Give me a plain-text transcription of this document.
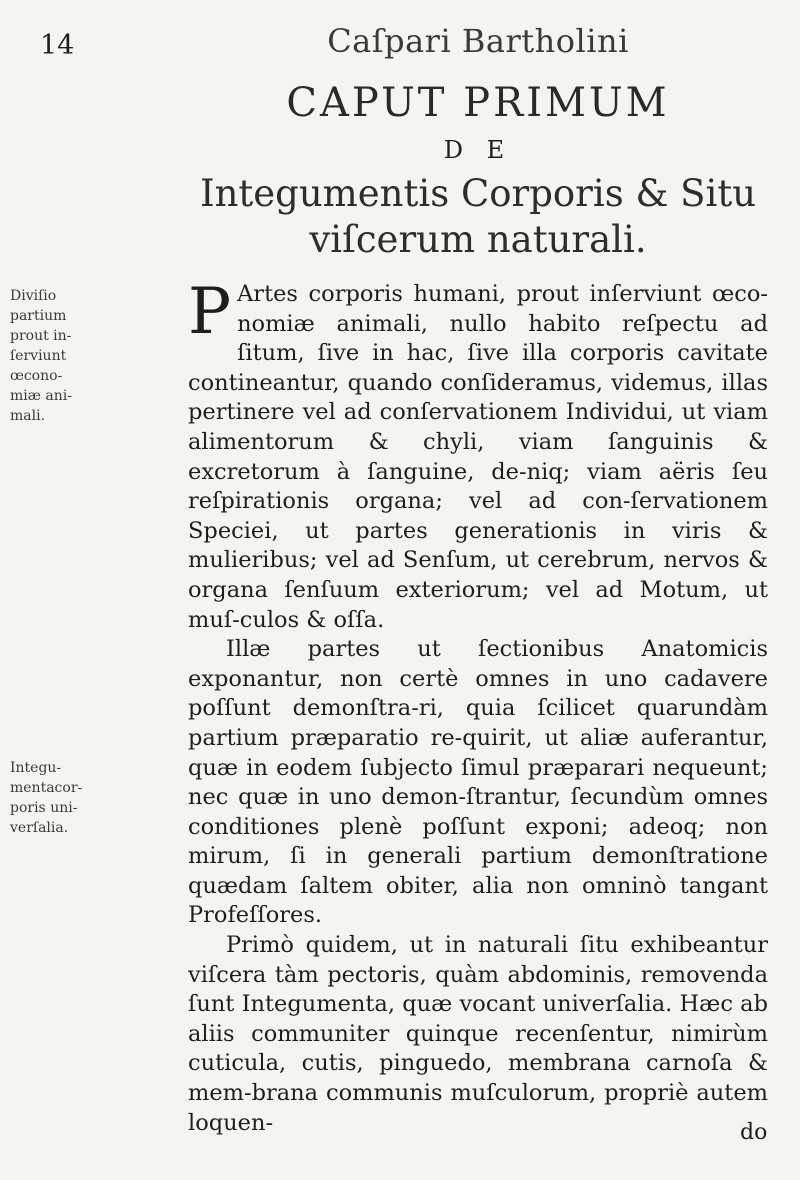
14	Caſpari Bartholini
CAPUT PRIMUM
D E
Integumentis Corporis & Situ
viſcerum naturali.
Diviſio partium prout in-ſerviunt œcono-miæ ani-mali.
Integu-mentacor-poris uni-verſalia.

P Artes corporis humani, prout inſerviunt œco-nomiæ animali, nullo habito reſpectu ad ſitum, ſive in hac, ſive illa corporis cavitate contineantur, quando conſideramus, videmus, illas pertinere vel ad conſervationem Individui, ut viam alimentorum & chyli, viam ſanguinis & excretorum à ſanguine, de-niq; viam aëris ſeu reſpirationis organa; vel ad con-ſervationem Speciei, ut partes generationis in viris & mulieribus; vel ad Senſum, ut cerebrum, nervos & organa ſenſuum exteriorum; vel ad Motum, ut muſ-culos & oſſa.

Illæ partes ut ſectionibus Anatomicis exponantur, non certè omnes in uno cadavere poſſunt demonſtra-ri, quia ſcilicet quarundàm partium præparatio re-quirit, ut aliæ auferantur, quæ in eodem ſubjecto ſimul præparari nequeunt; nec quæ in uno demon-ſtrantur, ſecundùm omnes conditiones plenè poſſunt exponi; adeoq; non mirum, ſi in generali partium demonſtratione quædam ſaltem obiter, alia non omninò tangant Profeſſores.

Primò quidem, ut in naturali ſitu exhibeantur viſcera tàm pectoris, quàm abdominis, removenda ſunt Integumenta, quæ vocant univerſalia. Hæc ab aliis communiter quinque recenſentur, nimirùm cuticula, cutis, pinguedo, membrana carnoſa & mem-brana communis muſculorum, propriè autem loquen-	do
